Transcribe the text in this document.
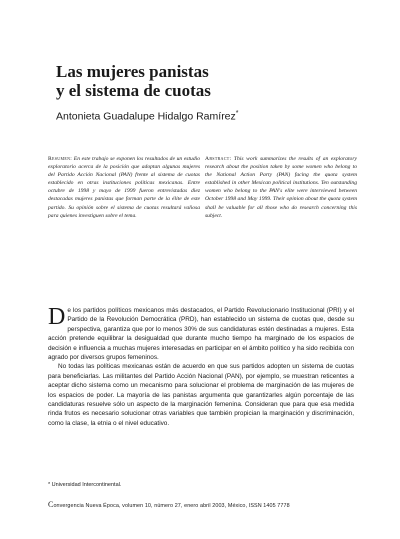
Las mujeres panistas
y el sistema de cuotas
Antonieta Guadalupe Hidalgo Ramírez*
Resumen: En este trabajo se exponen los resultados de un estudio exploratorio acerca de la posición que adoptan algunas mujeres del Partido Acción Nacional (PAN) frente al sistema de cuotas establecido en otras instituciones políticas mexicanas. Entre octubre de 1998 y mayo de 1999 fueron entrevistadas diez destacadas mujeres panistas que forman parte de la élite de este partido. Su opinión sobre el sistema de cuotas resultará valiosa para quienes investiguen sobre el tema.
Abstract: This work summarizes the results of an exploratory research about the position taken by some women who belong to the National Action Party (PAN) facing the quota system established in other Mexican political institutions. Ten outstanding women who belong to the PAN's elite were interviewed between October 1998 and May 1999. Their opinion about the quota system shall be valuable for all those who do research concerning this subject.

De los partidos políticos mexicanos más destacados, el Partido Revolucionario Institucional (PRI) y el Partido de la Revolución Democrática (PRD), han establecido un sistema de cuotas que, desde su perspectiva, garantiza que por lo menos 30% de sus candidaturas estén destinadas a mujeres. Esta acción pretende equilibrar la desigualdad que durante mucho tiempo ha marginado de los espacios de decisión e influencia a muchas mujeres interesadas en participar en el ámbito político y ha sido recibida con agrado por diversos grupos femeninos.

No todas las políticas mexicanas están de acuerdo en que sus partidos adopten un sistema de cuotas para beneficiarlas. Las militantes del Partido Acción Nacional (PAN), por ejemplo, se muestran reticentes a aceptar dicho sistema como un mecanismo para solucionar el problema de marginación de las mujeres de los espacios de poder. La mayoría de las panistas argumenta que garantizarles algún porcentaje de las candidaturas resuelve sólo un aspecto de la marginación femenina. Consideran que para que esa medida rinda frutos es necesario solucionar otras variables que también propician la marginación y discriminación, como la clase, la etnia o el nivel educativo.

* Universidad Intercontinental.
Convergencia Nueva Época, volumen 10, número 27, enero abril 2003, México, ISSN 1405 7778
